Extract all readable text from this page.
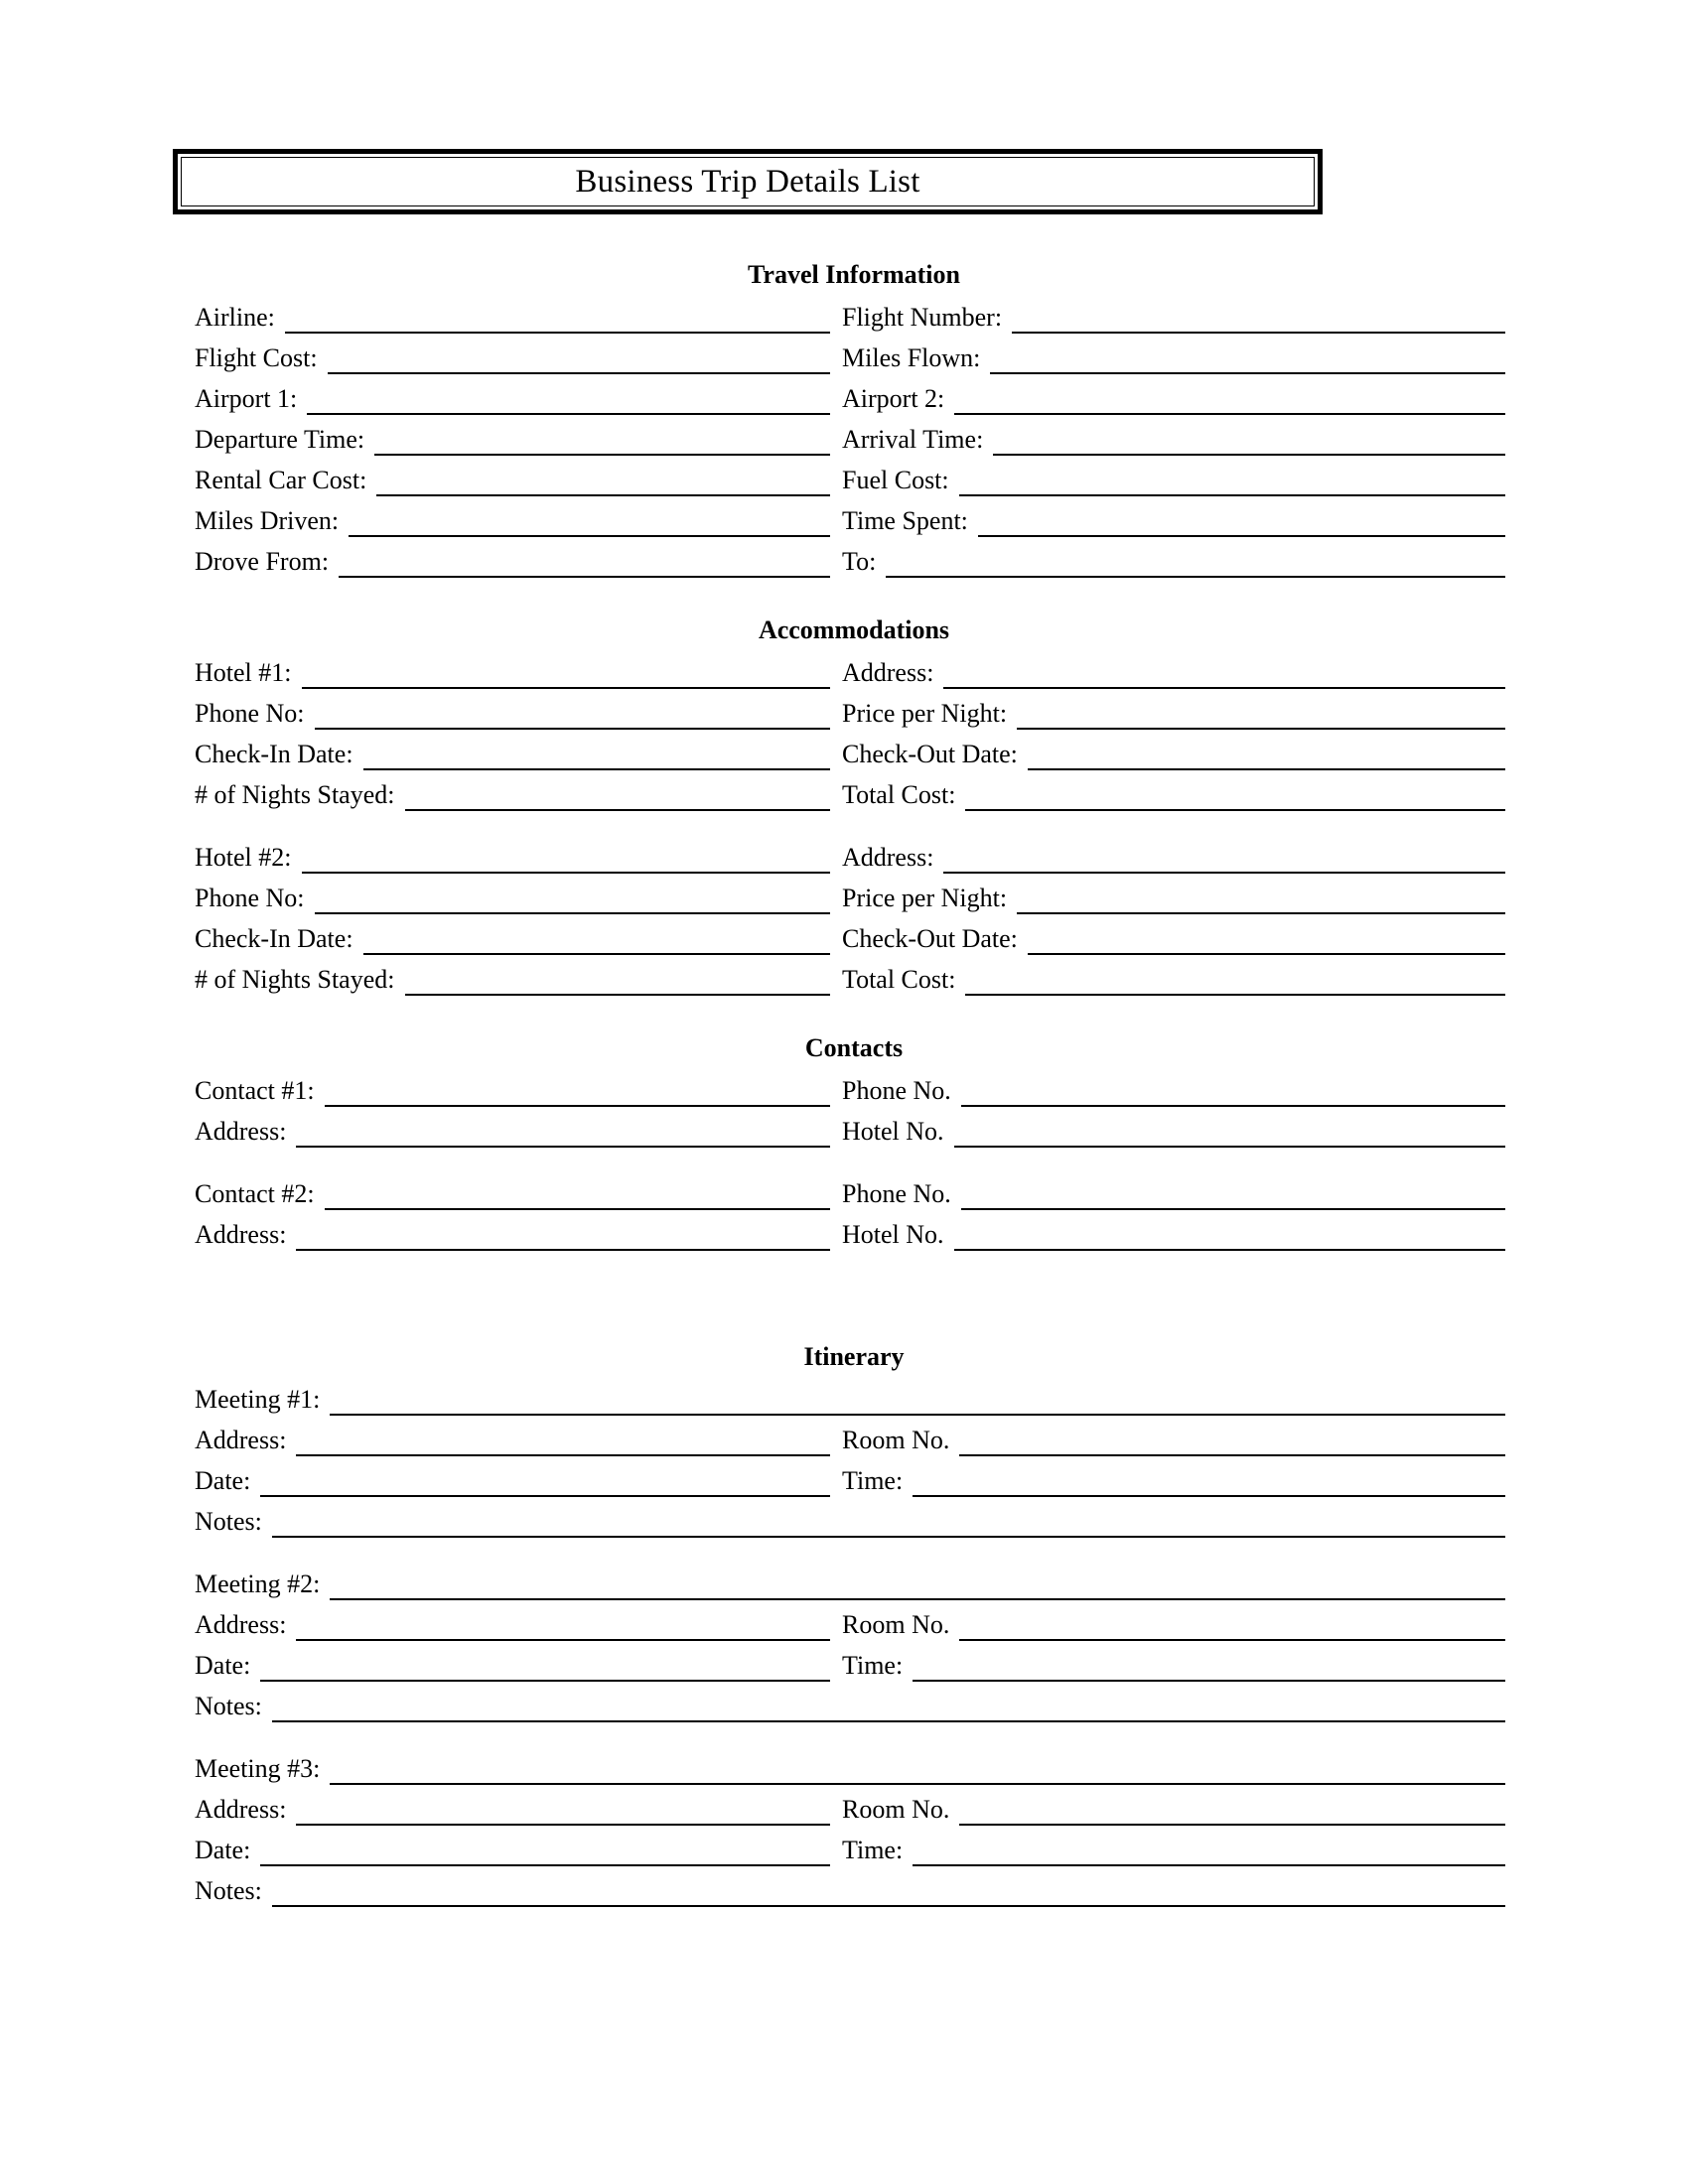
Business Trip Details List
Travel Information
Airline:	Flight Number:
Flight Cost:	Miles Flown:
Airport 1:	Airport 2:
Departure Time:	Arrival Time:
Rental Car Cost:	Fuel Cost:
Miles Driven:	Time Spent:
Drove From:	To:
Accommodations
Hotel #1:	Address:
Phone No:	Price per Night:
Check-In Date:	Check-Out Date:
# of Nights Stayed:	Total Cost:
Hotel #2:	Address:
Phone No:	Price per Night:
Check-In Date:	Check-Out Date:
# of Nights Stayed:	Total Cost:
Contacts
Contact #1:	Phone No.
Address:	Hotel No.
Contact #2:	Phone No.
Address:	Hotel No.
Itinerary
Meeting #1:
Address:	Room No.
Date:	Time:
Notes:
Meeting #2:
Address:	Room No.
Date:	Time:
Notes:
Meeting #3:
Address:	Room No.
Date:	Time:
Notes:
